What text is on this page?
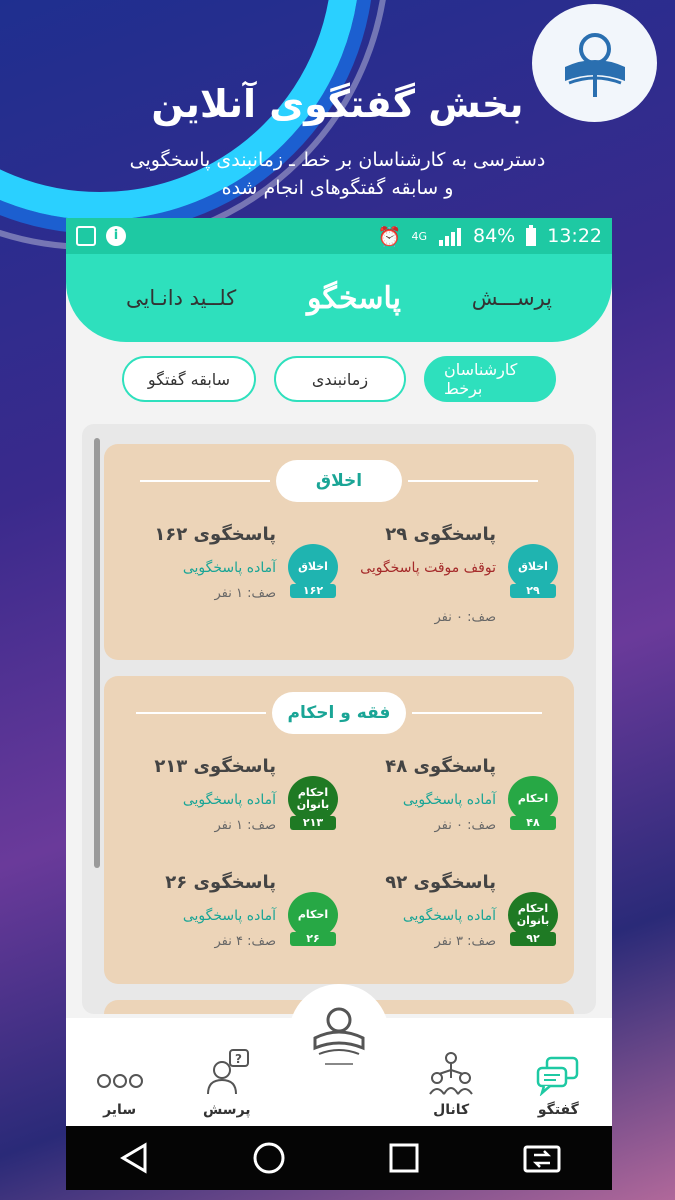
بخش گفتگوی آنلاین
دسترسی به کارشناسان بر خط ـ زمانبندی پاسخگویی
و سابقه گفتگوهای انجام شده
i	⏰ 4G 84% 13:22
کلــید دانـایی پاسخگو	پرســـش
کارشناسان برخط
زمانبندی
سابقه گفتگو
اخلاق
اخلاق
۲۹
پاسخگوی ۲۹
توقف موقت پاسخگویی
صف: ۰ نفر
اخلاق
۱۶۲
پاسخگوی ۱۶۲
آماده پاسخگویی
صف: ۱ نفر
فقه و احکام
احکام
۴۸
پاسخگوی ۴۸
آماده پاسخگویی
صف: ۰ نفر
احکام بانوان
۲۱۳
پاسخگوی ۲۱۳
آماده پاسخگویی
صف: ۱ نفر
احکام بانوان
۹۲
پاسخگوی ۹۲
آماده پاسخگویی
صف: ۳ نفر
احکام
۲۶
پاسخگوی ۲۶
آماده پاسخگویی
صف: ۴ نفر
گفتگو
کانال
?
پرسش
سایر
